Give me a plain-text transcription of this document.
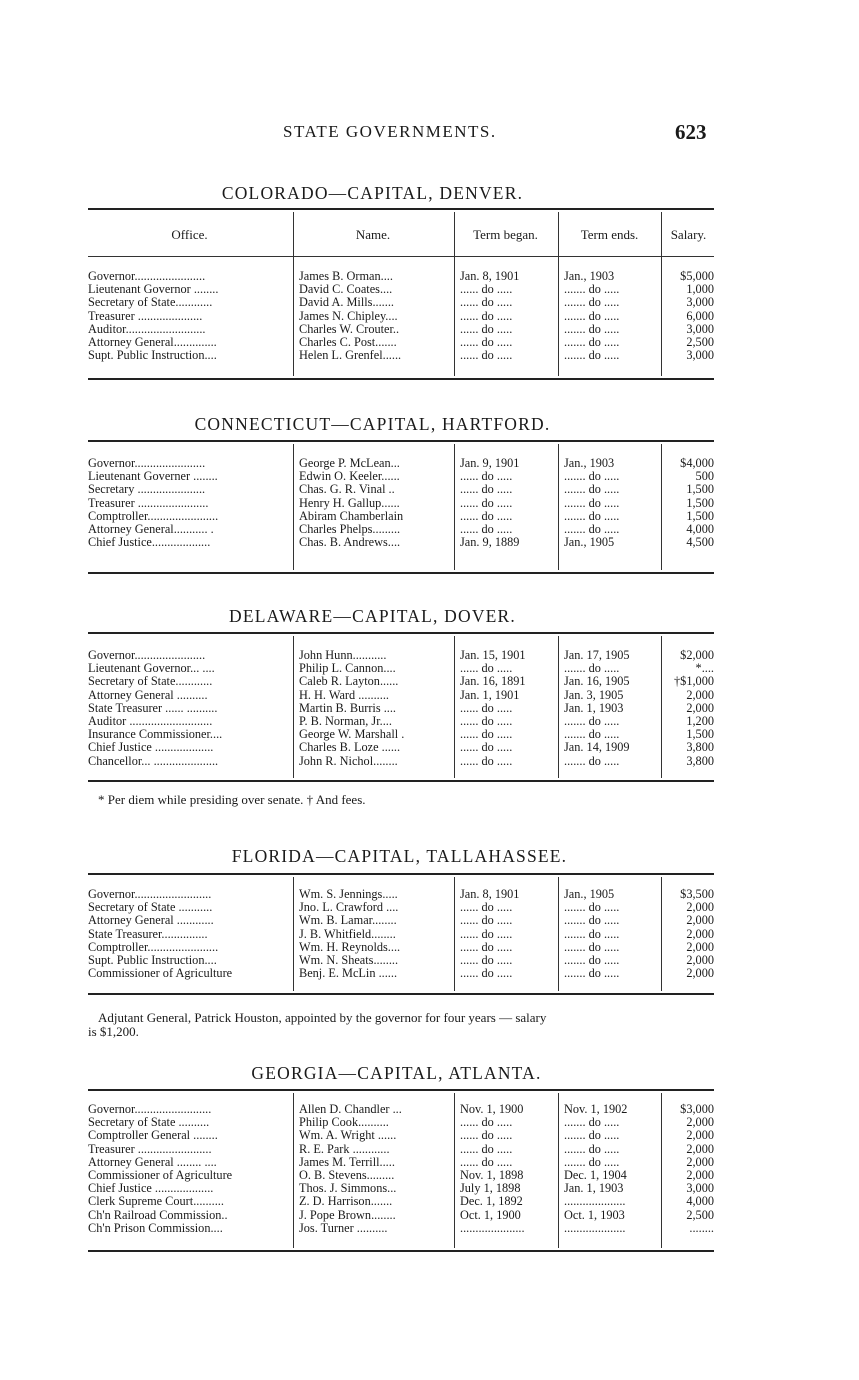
STATE GOVERNMENTS.	623
COLORADO—CAPITAL, DENVER.
Office.	Name.	Term began.	Term ends.	Salary.
Governor.......................	James B. Orman....	Jan. 8, 1901	Jan., 1903	$5,000
Lieutenant Governor ........	David C. Coates....	...... do .....	....... do .....	1,000
Secretary of State............	David A. Mills.......	...... do .....	....... do .....	3,000
Treasurer .....................	James N. Chipley....	...... do .....	....... do .....	6,000
Auditor..........................	Charles W. Crouter..	...... do .....	....... do .....	3,000
Attorney General..............	Charles C. Post.......	...... do .....	....... do .....	2,500
Supt. Public Instruction....	Helen L. Grenfel......	...... do .....	....... do .....	3,000
CONNECTICUT—CAPITAL, HARTFORD.
Governor.......................	George P. McLean...	Jan. 9, 1901	Jan., 1903	$4,000
Lieutenant Governer ........	Edwin O. Keeler......	...... do .....	....... do .....	500
Secretary ......................	Chas. G. R. Vinal ..	...... do .....	....... do .....	1,500
Treasurer .......................	Henry H. Gallup......	...... do .....	....... do .....	1,500
Comptroller.......................	Abiram Chamberlain	...... do .....	....... do .....	1,500
Attorney General........... .	Charles Phelps.........	...... do .....	....... do .....	4,000
Chief Justice...................	Chas. B. Andrews....	Jan. 9, 1889	Jan., 1905	4,500
DELAWARE—CAPITAL, DOVER.
Governor.......................	John Hunn...........	Jan. 15, 1901	Jan. 17, 1905	$2,000
Lieutenant Governor... ....	Philip L. Cannon....	...... do .....	....... do .....	*....
Secretary of State............	Caleb R. Layton......	Jan. 16, 1891	Jan. 16, 1905	†$1,000
Attorney General ..........	H. H. Ward ..........	Jan. 1, 1901	Jan. 3, 1905	2,000
State Treasurer ...... ..........	Martin B. Burris ....	...... do .....	Jan. 1, 1903	2,000
Auditor ...........................	P. B. Norman, Jr....	...... do .....	....... do .....	1,200
Insurance Commissioner....	George W. Marshall .	...... do .....	....... do .....	1,500
Chief Justice ...................	Charles B. Loze ......	...... do .....	Jan. 14, 1909	3,800
Chancellor... .....................	John R. Nichol........	...... do .....	....... do .....	3,800
* Per diem while presiding over senate. † And fees.
FLORIDA—CAPITAL, TALLAHASSEE.
Governor.........................	Wm. S. Jennings.....	Jan. 8, 1901	Jan., 1905	$3,500
Secretary of State ...........	Jno. L. Crawford ....	...... do .....	....... do .....	2,000
Attorney General ............	Wm. B. Lamar........	...... do .....	....... do .....	2,000
State Treasurer...............	J. B. Whitfield........	...... do .....	....... do .....	2,000
Comptroller.......................	Wm. H. Reynolds....	...... do .....	....... do .....	2,000
Supt. Public Instruction....	Wm. N. Sheats........	...... do .....	....... do .....	2,000
Commissioner of Agriculture	Benj. E. McLin ......	...... do .....	....... do .....	2,000
Adjutant General, Patrick Houston, appointed by the governor for four years — salary
is $1,200.
GEORGIA—CAPITAL, ATLANTA.
Governor.........................	Allen D. Chandler ...	Nov. 1, 1900	Nov. 1, 1902	$3,000
Secretary of State ..........	Philip Cook..........	...... do .....	....... do .....	2,000
Comptroller General ........	Wm. A. Wright ......	...... do .....	....... do .....	2,000
Treasurer ........................	R. E. Park ............	...... do .....	....... do .....	2,000
Attorney General ........ ....	James M. Terrill.....	...... do .....	....... do .....	2,000
Commissioner of Agriculture	O. B. Stevens.........	Nov. 1, 1898	Dec. 1, 1904	2,000
Chief Justice ...................	Thos. J. Simmons...	July 1, 1898	Jan. 1, 1903	3,000
Clerk Supreme Court..........	Z. D. Harrison.......	Dec. 1, 1892	....................	4,000
Ch'n Railroad Commission..	J. Pope Brown........	Oct. 1, 1900	Oct. 1, 1903	2,500
Ch'n Prison Commission....	Jos. Turner ..........	.....................	....................	........
